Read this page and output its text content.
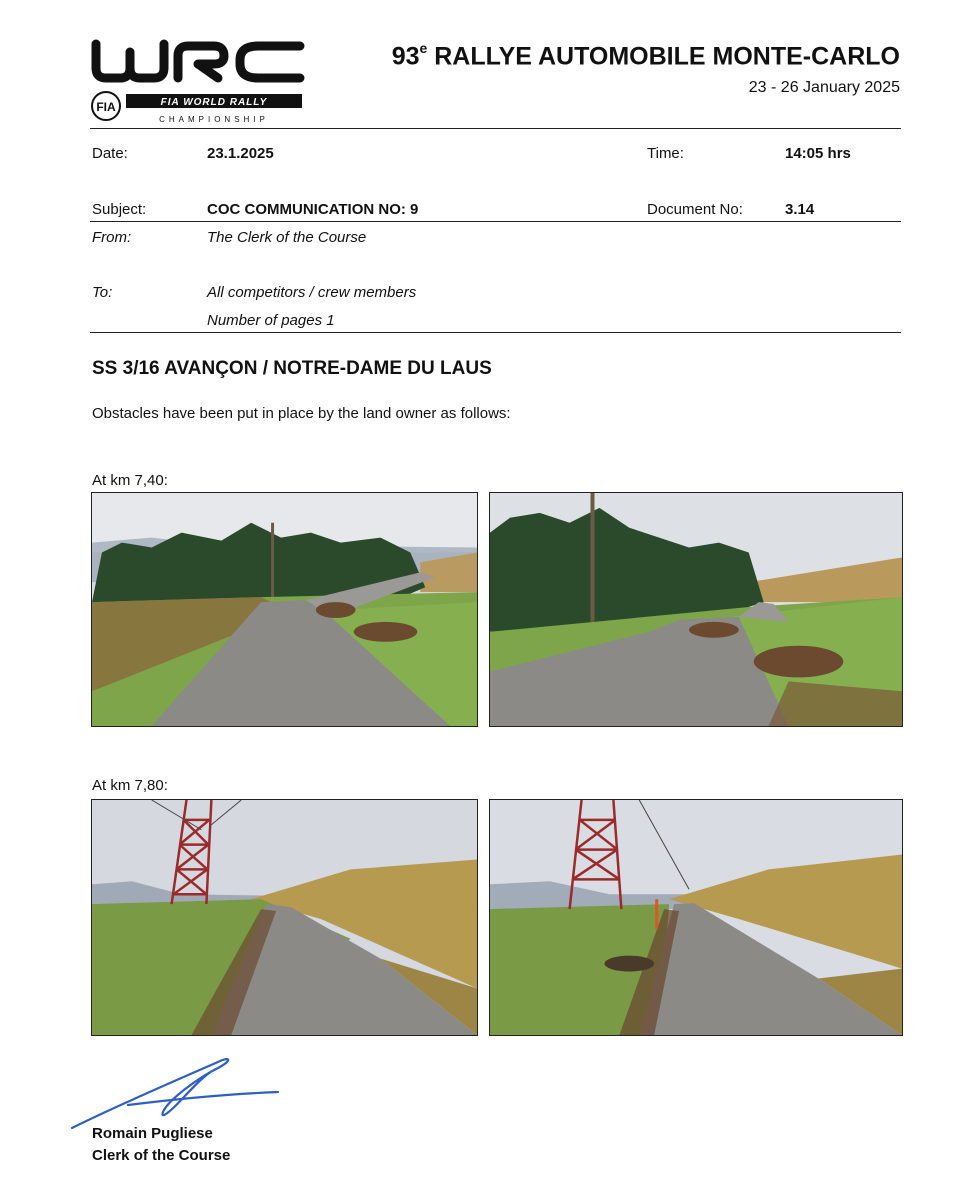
FIA	FIA WORLD RALLY
CHAMPIONSHIP
93e RALLYE AUTOMOBILE MONTE-CARLO
23 - 26 January 2025
Date:	23.1.2025	Time:	14:05 hrs
Subject:	COC COMMUNICATION NO: 9	Document No:	3.14
From:	The Clerk of the Course
To:	All competitors / crew members
Number of pages 1
SS 3/16 AVANÇON / NOTRE-DAME DU LAUS
Obstacles have been put in place by the land owner as follows:
At km 7,40:
At km 7,80:
Romain Pugliese
Clerk of the Course
